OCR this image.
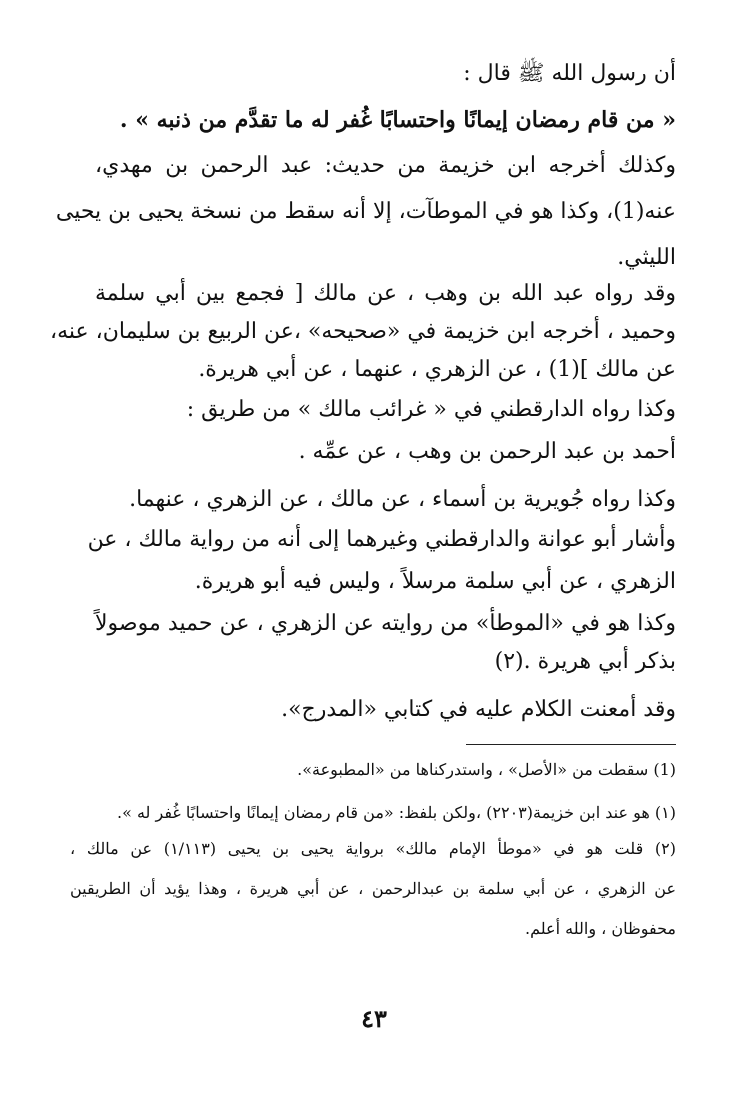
أن رسول الله ﷺ قال :
« من قام رمضان إيمانًا واحتسابًا غُفر له ما تقدَّم من ذنبه » .
وكذلك أخرجه ابن خزيمة من حديث: عبد الرحمن بن مهدي،
عنه(1)، وكذا هو في الموطآت، إلا أنه سقط من نسخة يحيى بن يحيى
الليثي.
وقد رواه عبد الله بن وهب ، عن مالك [ فجمع بين أبي سلمة
وحميد ، أخرجه ابن خزيمة في «صحيحه» ،عن الربيع بن سليمان، عنه،
عن مالك ](1) ، عن الزهري ، عنهما ، عن أبي هريرة.
وكذا رواه الدارقطني في « غرائب مالك » من طريق :
أحمد بن عبد الرحمن بن وهب ، عن عمِّه .
وكذا رواه جُويرية بن أسماء ، عن مالك ، عن الزهري ، عنهما.
وأشار أبو عوانة والدارقطني وغيرهما إلى أنه من رواية مالك ، عن
الزهري ، عن أبي سلمة مرسلاً ، وليس فيه أبو هريرة.
وكذا هو في «الموطأ» من روايته عن الزهري ، عن حميد موصولاً
بذكر أبي هريرة .(٢)
وقد أمعنت الكلام عليه في كتابي «المدرج».
(1) سقطت من «الأصل» ، واستدركناها من «المطبوعة».
(١) هو عند ابن خزيمة(٢٢٠٣) ،ولكن بلفظ: «من قام رمضان إيمانًا واحتسابًا غُفر له ».
(٢) قلت هو في «موطأ الإمام مالك» برواية يحيى بن يحيى (١/١١٣) عن مالك ،
عن الزهري ، عن أبي سلمة بن عبدالرحمن ، عن أبي هريرة ، وهذا يؤيد أن الطريقين
محفوظان ، والله أعلم.
٤٣
